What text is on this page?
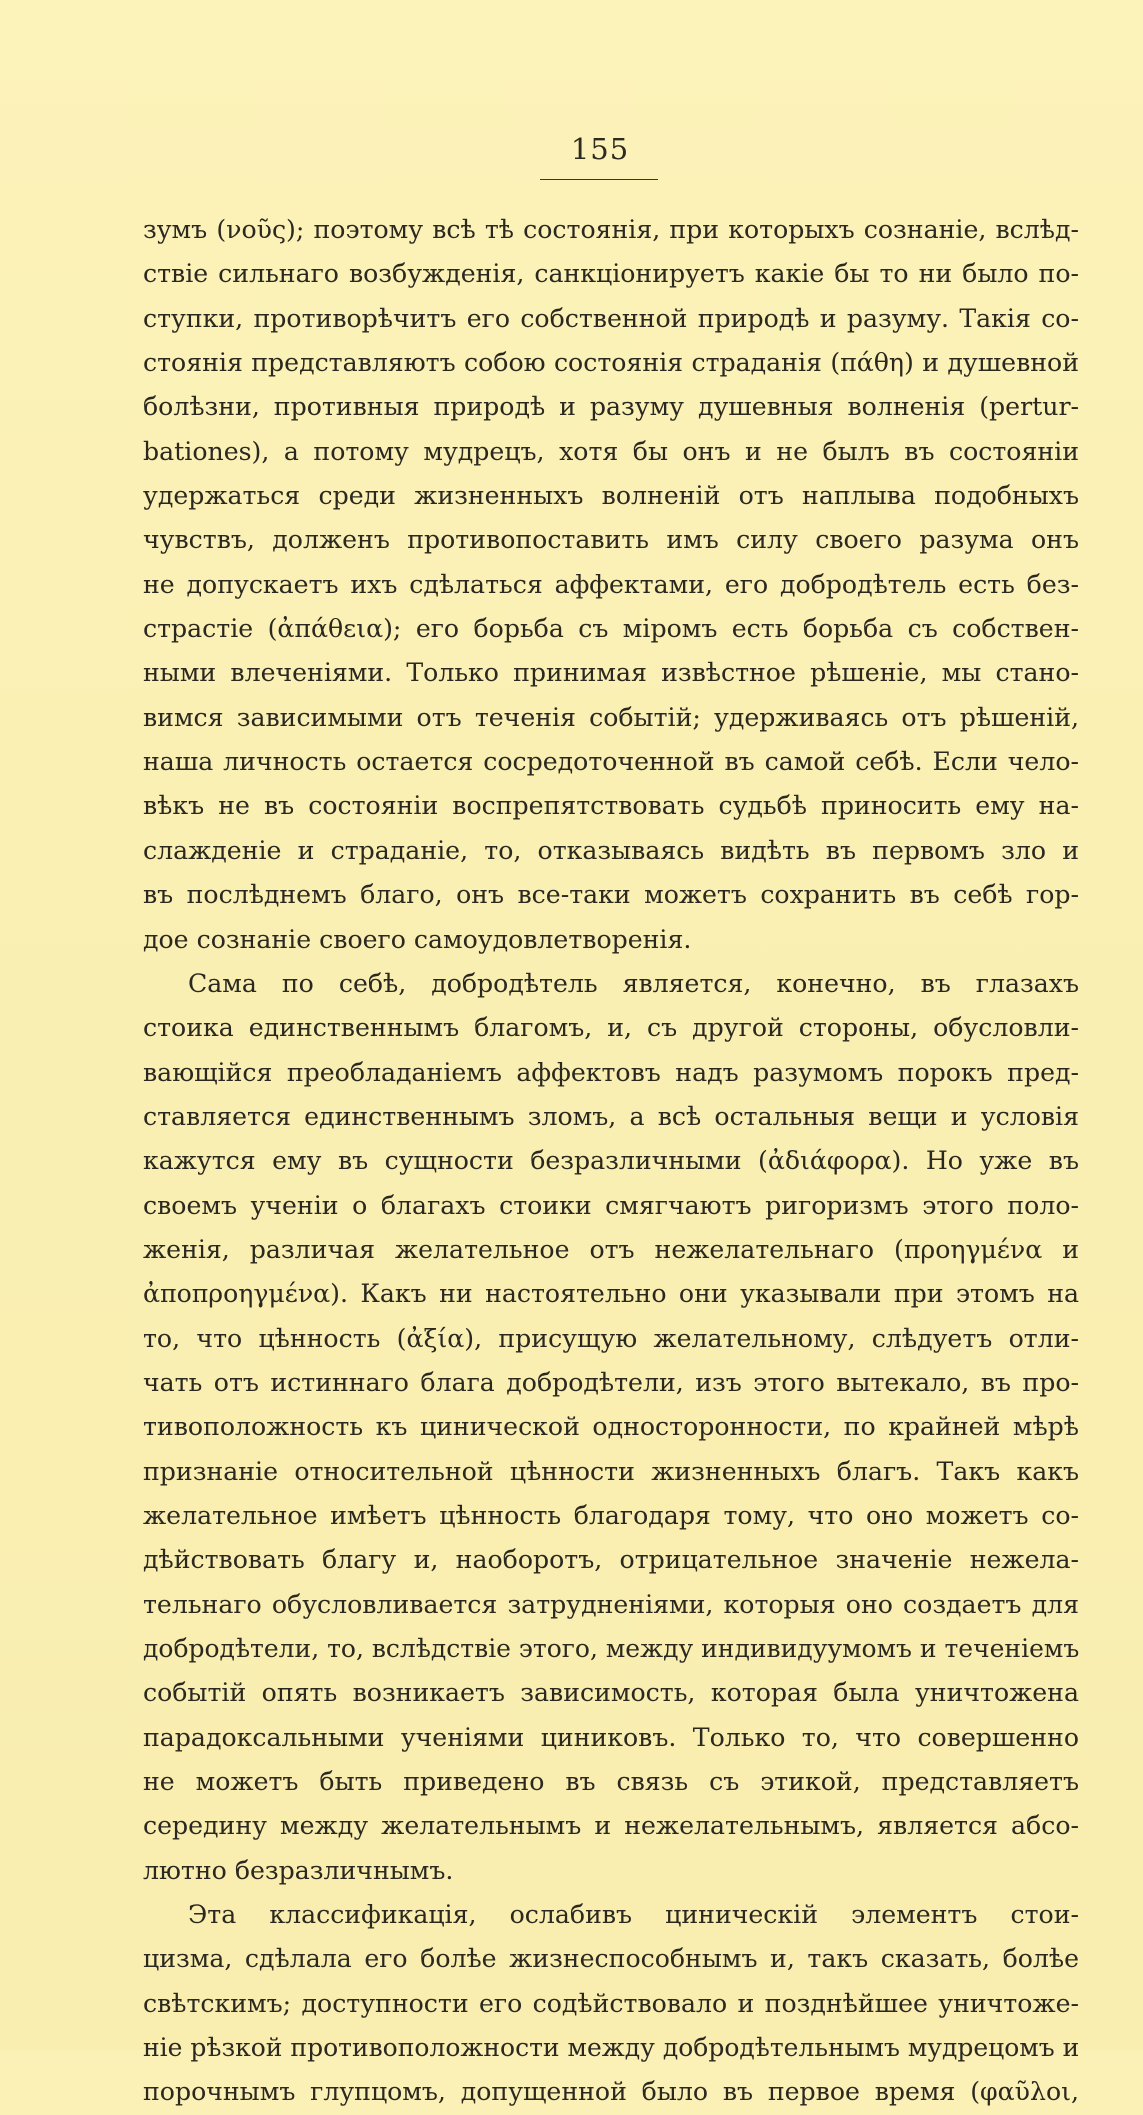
155
зумъ (νοῦς); поэтому всѣ тѣ состоянія, при которыхъ сознаніе, вслѣд-
ствіе сильнаго возбужденія, санкціонируетъ какіе бы то ни было по-
ступки, противорѣчитъ его собственной природѣ и разуму. Такія со-
стоянія представляютъ собою состоянія страданія (πάθη) и душевной
болѣзни, противныя природѣ и разуму душевныя волненія (pertur-
bationes), а потому мудрецъ, хотя бы онъ и не былъ въ состояніи
удержаться среди жизненныхъ волненій отъ наплыва подобныхъ
чувствъ, долженъ противопоставить имъ силу своего разума онъ
не допускаетъ ихъ сдѣлаться аффектами, его добродѣтель есть без-
страстіе (ἀπάθεια); его борьба съ міромъ есть борьба съ собствен-
ными влеченіями. Только принимая извѣстное рѣшеніе, мы стано-
вимся зависимыми отъ теченія событій; удерживаясь отъ рѣшеній,
наша личность остается сосредоточенной въ самой себѣ. Если чело-
вѣкъ не въ состояніи воспрепятствовать судьбѣ приносить ему на-
слажденіе и страданіе, то, отказываясь видѣть въ первомъ зло и
въ послѣднемъ благо, онъ все-таки можетъ сохранить въ себѣ гор-
дое сознаніе своего самоудовлетворенія.
Сама по себѣ, добродѣтель является, конечно, въ глазахъ
стоика единственнымъ благомъ, и, съ другой стороны, обусловли-
вающійся преобладаніемъ аффектовъ надъ разумомъ порокъ пред-
ставляется единственнымъ зломъ, а всѣ остальныя вещи и условія
кажутся ему въ сущности безразличными (ἀδιάφορα). Но уже въ
своемъ ученіи о благахъ стоики смягчаютъ ригоризмъ этого поло-
женія, различая желательное отъ нежелательнаго (προηγμένα и
ἀποπροηγμένα). Какъ ни настоятельно они указывали при этомъ на
то, что цѣнность (ἀξία), присущую желательному, слѣдуетъ отли-
чать отъ истиннаго блага добродѣтели, изъ этого вытекало, въ про-
тивоположность къ цинической односторонности, по крайней мѣрѣ
признаніе относительной цѣнности жизненныхъ благъ. Такъ какъ
желательное имѣетъ цѣнность благодаря тому, что оно можетъ со-
дѣйствовать благу и, наоборотъ, отрицательное значеніе нежела-
тельнаго обусловливается затрудненіями, которыя оно создаетъ для
добродѣтели, то, вслѣдствіе этого, между индивидуумомъ и теченіемъ
событій опять возникаетъ зависимость, которая была уничтожена
парадоксальными ученіями циниковъ. Только то, что совершенно
не можетъ быть приведено въ связь съ этикой, представляетъ
середину между желательнымъ и нежелательнымъ, является абсо-
лютно безразличнымъ.
Эта классификація, ослабивъ циническій элементъ стои-
цизма, сдѣлала его болѣе жизнеспособнымъ и, такъ сказать, болѣе
свѣтскимъ; доступности его содѣйствовало и позднѣйшее уничтоже-
ніе рѣзкой противоположности между добродѣтельнымъ мудрецомъ и
порочнымъ глупцомъ, допущенной было въ первое время (φαῦλοι,
